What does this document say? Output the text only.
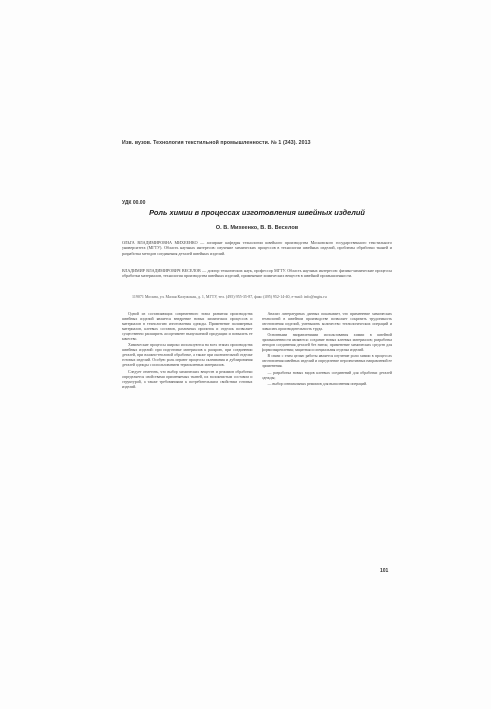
Изв. вузов. Технология текстильной промышленности. № 1 (343). 2013
УДК 00.00
Роль химии в процессах изготовления швейных изделий
О. В. Михеенко, В. В. Веселов
ОЛЬГА ВЛАДИМИРОВНА МИХЕЕНКО — аспирант кафедры технологии швейного производства Московского государственного текстильного университета (МГТУ). Область научных интересов: изучение химических процессов в технологии швейных изделий, проблемы обработки тканей и разработка методов соединения деталей швейных изделий.
ВЛАДИМИР ВЛАДИМИРОВИЧ ВЕСЕЛОВ — доктор технических наук, профессор МГТУ. Область научных интересов: физико-химические процессы обработки материалов, технология производства швейных изделий, применение химических веществ в швейной промышленности.
119071 Москва, ул. Малая Калужская, д. 1, МГТУ, тел. (495) 955-35-87, факс (495) 952-14-40, e-mail: info@mgtu.ru

Одной из составляющих современного этапа развития производства швейных изделий является внедрение новых химических процессов и материалов в технологию изготовления одежды. Применение полимерных материалов, клеевых составов, различных пропиток и отделок позволяет существенно расширить ассортимент выпускаемой продукции и повысить ее качество.

Химические процессы широко используются на всех этапах производства швейных изделий: при подготовке материалов к раскрою, при соединении деталей, при влажно-тепловой обработке, а также при окончательной отделке готовых изделий. Особую роль играют процессы склеивания и дублирования деталей одежды с использованием термоклеевых материалов.

Следует отметить, что выбор химических веществ и режимов обработки определяется свойствами применяемых тканей, их волокнистым составом и структурой, а также требованиями к потребительским свойствам готовых изделий.

Анализ литературных данных показывает, что применение химических технологий в швейном производстве позволяет сократить трудоемкость изготовления изделий, уменьшить количество технологических операций и повысить производительность труда.

Основными направлениями использования химии в швейной промышленности являются: создание новых клеевых материалов; разработка методов соединения деталей без ниток; применение химических средств для формозакрепления; защитная и специальная отделка изделий.

В связи с этим целью работы является изучение роли химии в процессах изготовления швейных изделий и определение перспективных направлений ее применения.

— разработка новых видов клеевых соединений для обработки деталей одежды;

— выбор оптимальных режимов для выполнения операций.

101
